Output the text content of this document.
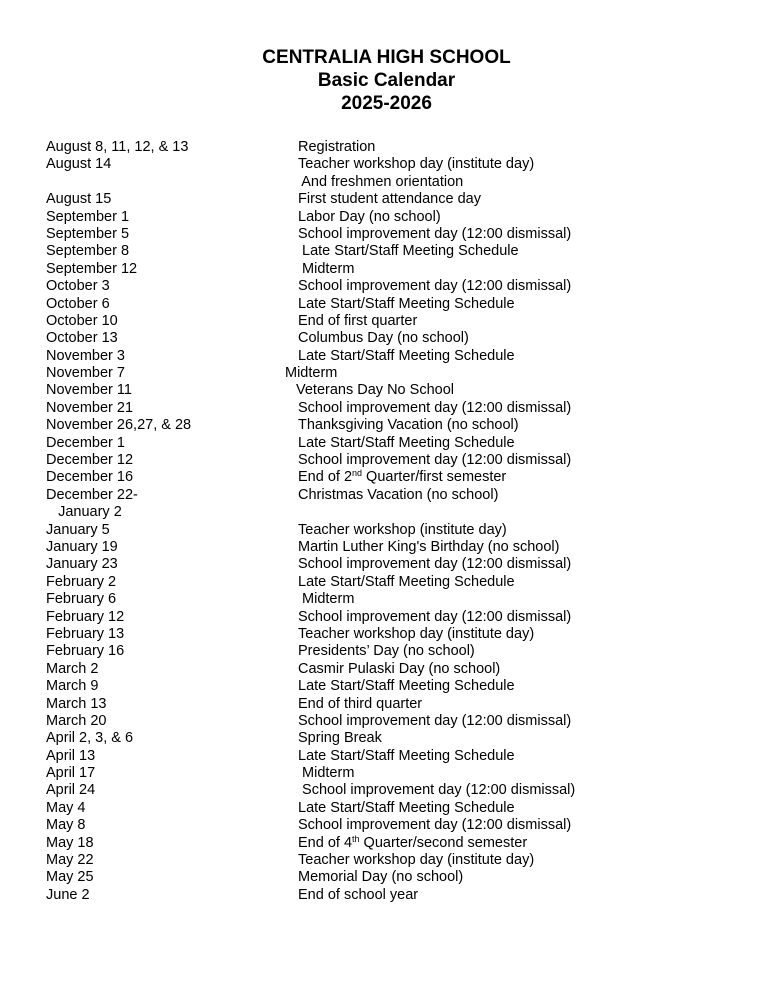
CENTRALIA HIGH SCHOOL
Basic Calendar
2025-2026
August 8, 11, 12, & 13	Registration
August 14	Teacher workshop day (institute day)
And freshmen orientation
August 15	First student attendance day
September 1	Labor Day (no school)
September 5	School improvement day (12:00 dismissal)
September 8	Late Start/Staff Meeting Schedule
September 12	Midterm
October 3	School improvement day (12:00 dismissal)
October 6	Late Start/Staff Meeting Schedule
October 10	End of first quarter
October 13	Columbus Day (no school)
November 3	Late Start/Staff Meeting Schedule
November 7	Midterm
November 11	Veterans Day No School
November 21	School improvement day (12:00 dismissal)
November 26,27, & 28	Thanksgiving Vacation (no school)
December 1	Late Start/Staff Meeting Schedule
December 12	School improvement day (12:00 dismissal)
December 16	End of 2nd Quarter/first semester
December 22-	Christmas Vacation (no school)
January 2
January 5	Teacher workshop (institute day)
January 19	Martin Luther King's Birthday (no school)
January 23	School improvement day (12:00 dismissal)
February 2	Late Start/Staff Meeting Schedule
February 6	Midterm
February 12	School improvement day (12:00 dismissal)
February 13	Teacher workshop day (institute day)
February 16	Presidents’ Day (no school)
March 2	Casmir Pulaski Day (no school)
March 9	Late Start/Staff Meeting Schedule
March 13	End of third quarter
March 20	School improvement day (12:00 dismissal)
April 2, 3, & 6	Spring Break
April 13	Late Start/Staff Meeting Schedule
April 17	Midterm
April 24	School improvement day (12:00 dismissal)
May 4	Late Start/Staff Meeting Schedule
May 8	School improvement day (12:00 dismissal)
May 18	End of 4th Quarter/second semester
May 22	Teacher workshop day (institute day)
May 25	Memorial Day (no school)
June 2	End of school year
